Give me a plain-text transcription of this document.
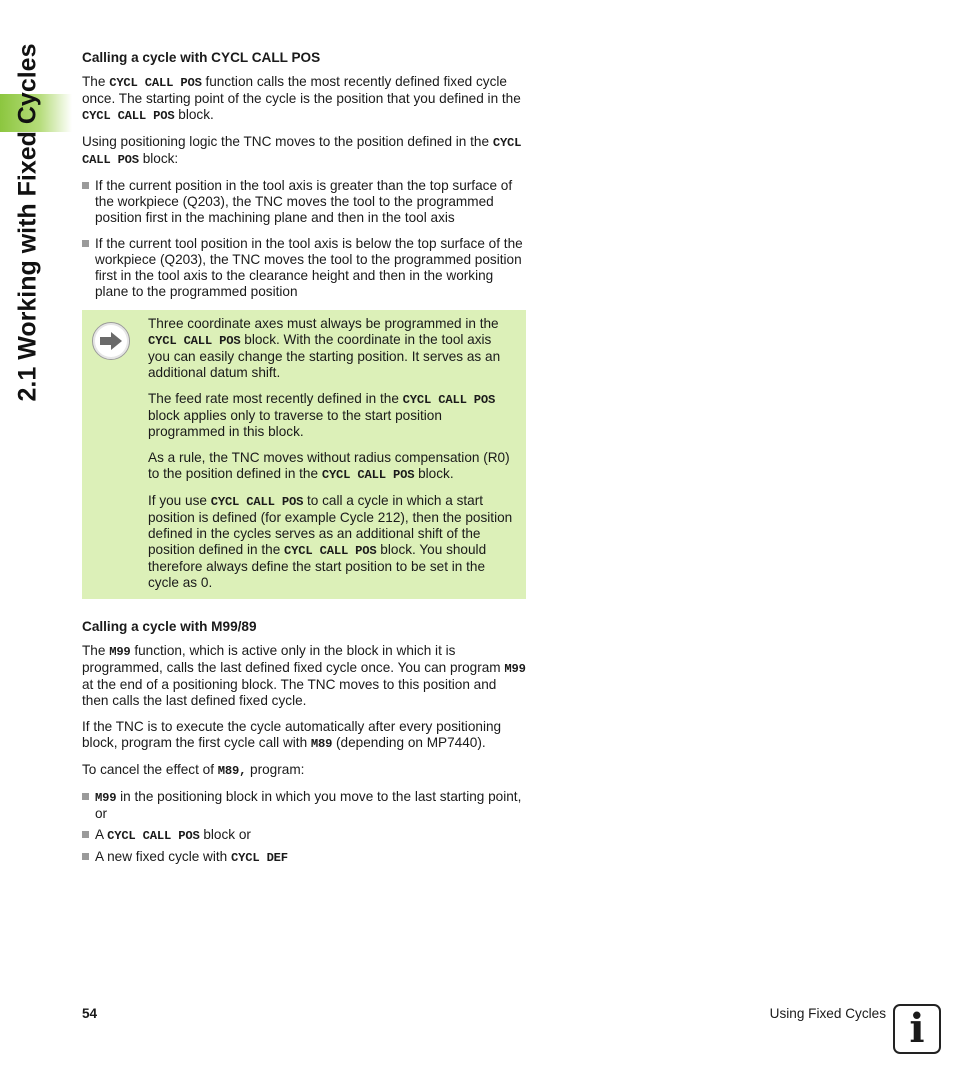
2.1 Working with Fixed Cycles	Calling a cycle with CYCL CALL POS

The CYCL CALL POS function calls the most recently defined fixed cycle once. The starting point of the cycle is the position that you defined in the CYCL CALL POS block.

Using positioning logic the TNC moves to the position defined in the CYCL CALL POS block:

If the current position in the tool axis is greater than the top surface of the workpiece (Q203), the TNC moves the tool to the programmed position first in the machining plane and then in the tool axis
If the current tool position in the tool axis is below the top surface of the workpiece (Q203), the TNC moves the tool to the programmed position first in the tool axis to the clearance height and then in the working plane to the programmed position

Three coordinate axes must always be programmed in the CYCL CALL POS block. With the coordinate in the tool axis you can easily change the starting position. It serves as an additional datum shift.

The feed rate most recently defined in the CYCL CALL POS block applies only to traverse to the start position programmed in this block.

As a rule, the TNC moves without radius compensation (R0) to the position defined in the CYCL CALL POS block.

If you use CYCL CALL POS to call a cycle in which a start position is defined (for example Cycle 212), then the position defined in the cycles serves as an additional shift of the position defined in the CYCL CALL POS block. You should therefore always define the start position to be set in the cycle as 0.

Calling a cycle with M99/89

The M99 function, which is active only in the block in which it is programmed, calls the last defined fixed cycle once. You can program M99 at the end of a positioning block. The TNC moves to this position and then calls the last defined fixed cycle.

If the TNC is to execute the cycle automatically after every positioning block, program the first cycle call with M89 (depending on MP7440).

To cancel the effect of M89, program:

M99 in the positioning block in which you move to the last starting point, or
A CYCL CALL POS block or
A new fixed cycle with CYCL DEF
54	Using Fixed Cycles i
